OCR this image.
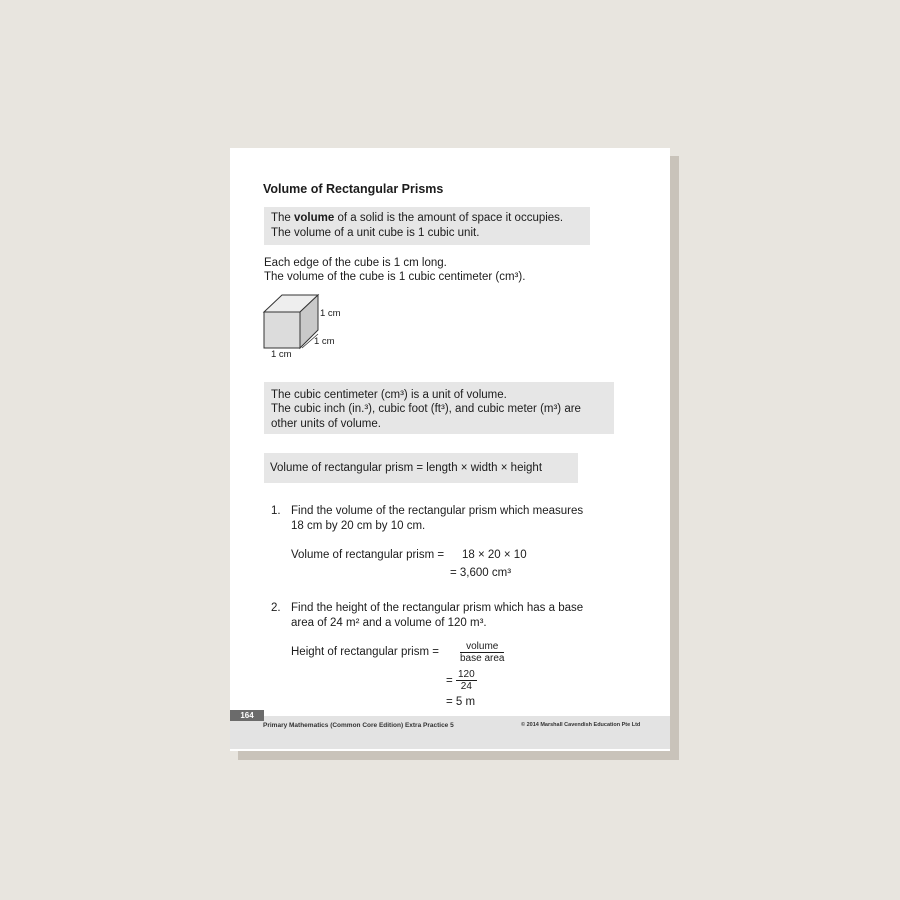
Volume of Rectangular Prisms
The volume of a solid is the amount of space it occupies.
The volume of a unit cube is 1 cubic unit.
Each edge of the cube is 1 cm long.
The volume of the cube is 1 cubic centimeter (cm³).
1 cm
1 cm
1 cm
The cubic centimeter (cm³) is a unit of volume.
The cubic inch (in.³), cubic foot (ft³), and cubic meter (m³) are
other units of volume.
Volume of rectangular prism = length × width × height
1. Find the volume of the rectangular prism which measures
18 cm by 20 cm by 10 cm.
Volume of rectangular prism = 18 × 20 × 10
= 3,600 cm³
2. Find the height of the rectangular prism which has a base
area of 24 m² and a volume of 120 m³.
Height of rectangular prism =	volume
base area
= $\frac{120}{24}$
= 5 m
164
Primary Mathematics (Common Core Edition) Extra Practice 5	© 2014 Marshall Cavendish Education Pte Ltd
